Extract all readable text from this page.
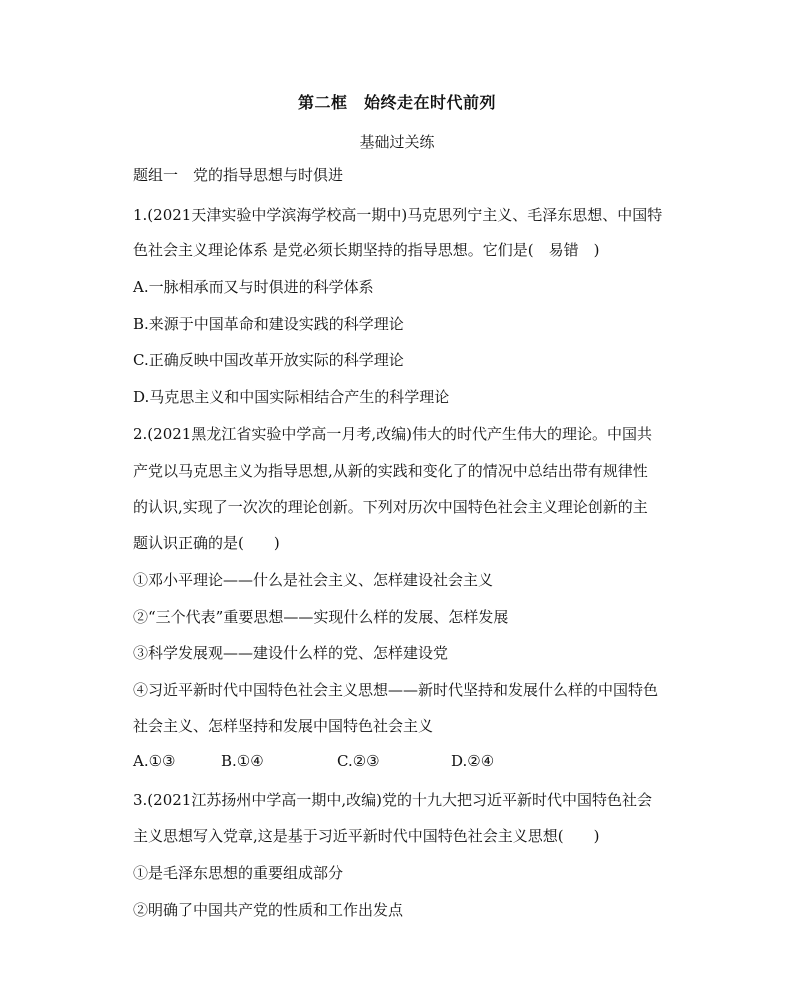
第二框　始终走在时代前列
基础过关练
题组一　党的指导思想与时俱进
1.(2021天津实验中学滨海学校高一期中)马克思列宁主义、毛泽东思想、中国特
色社会主义理论体系 是党必须长期坚持的指导思想。它们是(　易错　)
A.一脉相承而又与时俱进的科学体系
B.来源于中国革命和建设实践的科学理论
C.正确反映中国改革开放实际的科学理论
D.马克思主义和中国实际相结合产生的科学理论
2.(2021黑龙江省实验中学高一月考,改编)伟大的时代产生伟大的理论。中国共
产党以马克思主义为指导思想,从新的实践和变化了的情况中总结出带有规律性
的认识,实现了一次次的理论创新。下列对历次中国特色社会主义理论创新的主
题认识正确的是(　　)
①邓小平理论——什么是社会主义、怎样建设社会主义
②“三个代表”重要思想——实现什么样的发展、怎样发展
③科学发展观——建设什么样的党、怎样建设党
④习近平新时代中国特色社会主义思想——新时代坚持和发展什么样的中国特色
社会主义、怎样坚持和发展中国特色社会主义
A.①③	B.①④	C.②③	D.②④
3.(2021江苏扬州中学高一期中,改编)党的十九大把习近平新时代中国特色社会
主义思想写入党章,这是基于习近平新时代中国特色社会主义思想(　　)
①是毛泽东思想的重要组成部分
②明确了中国共产党的性质和工作出发点
